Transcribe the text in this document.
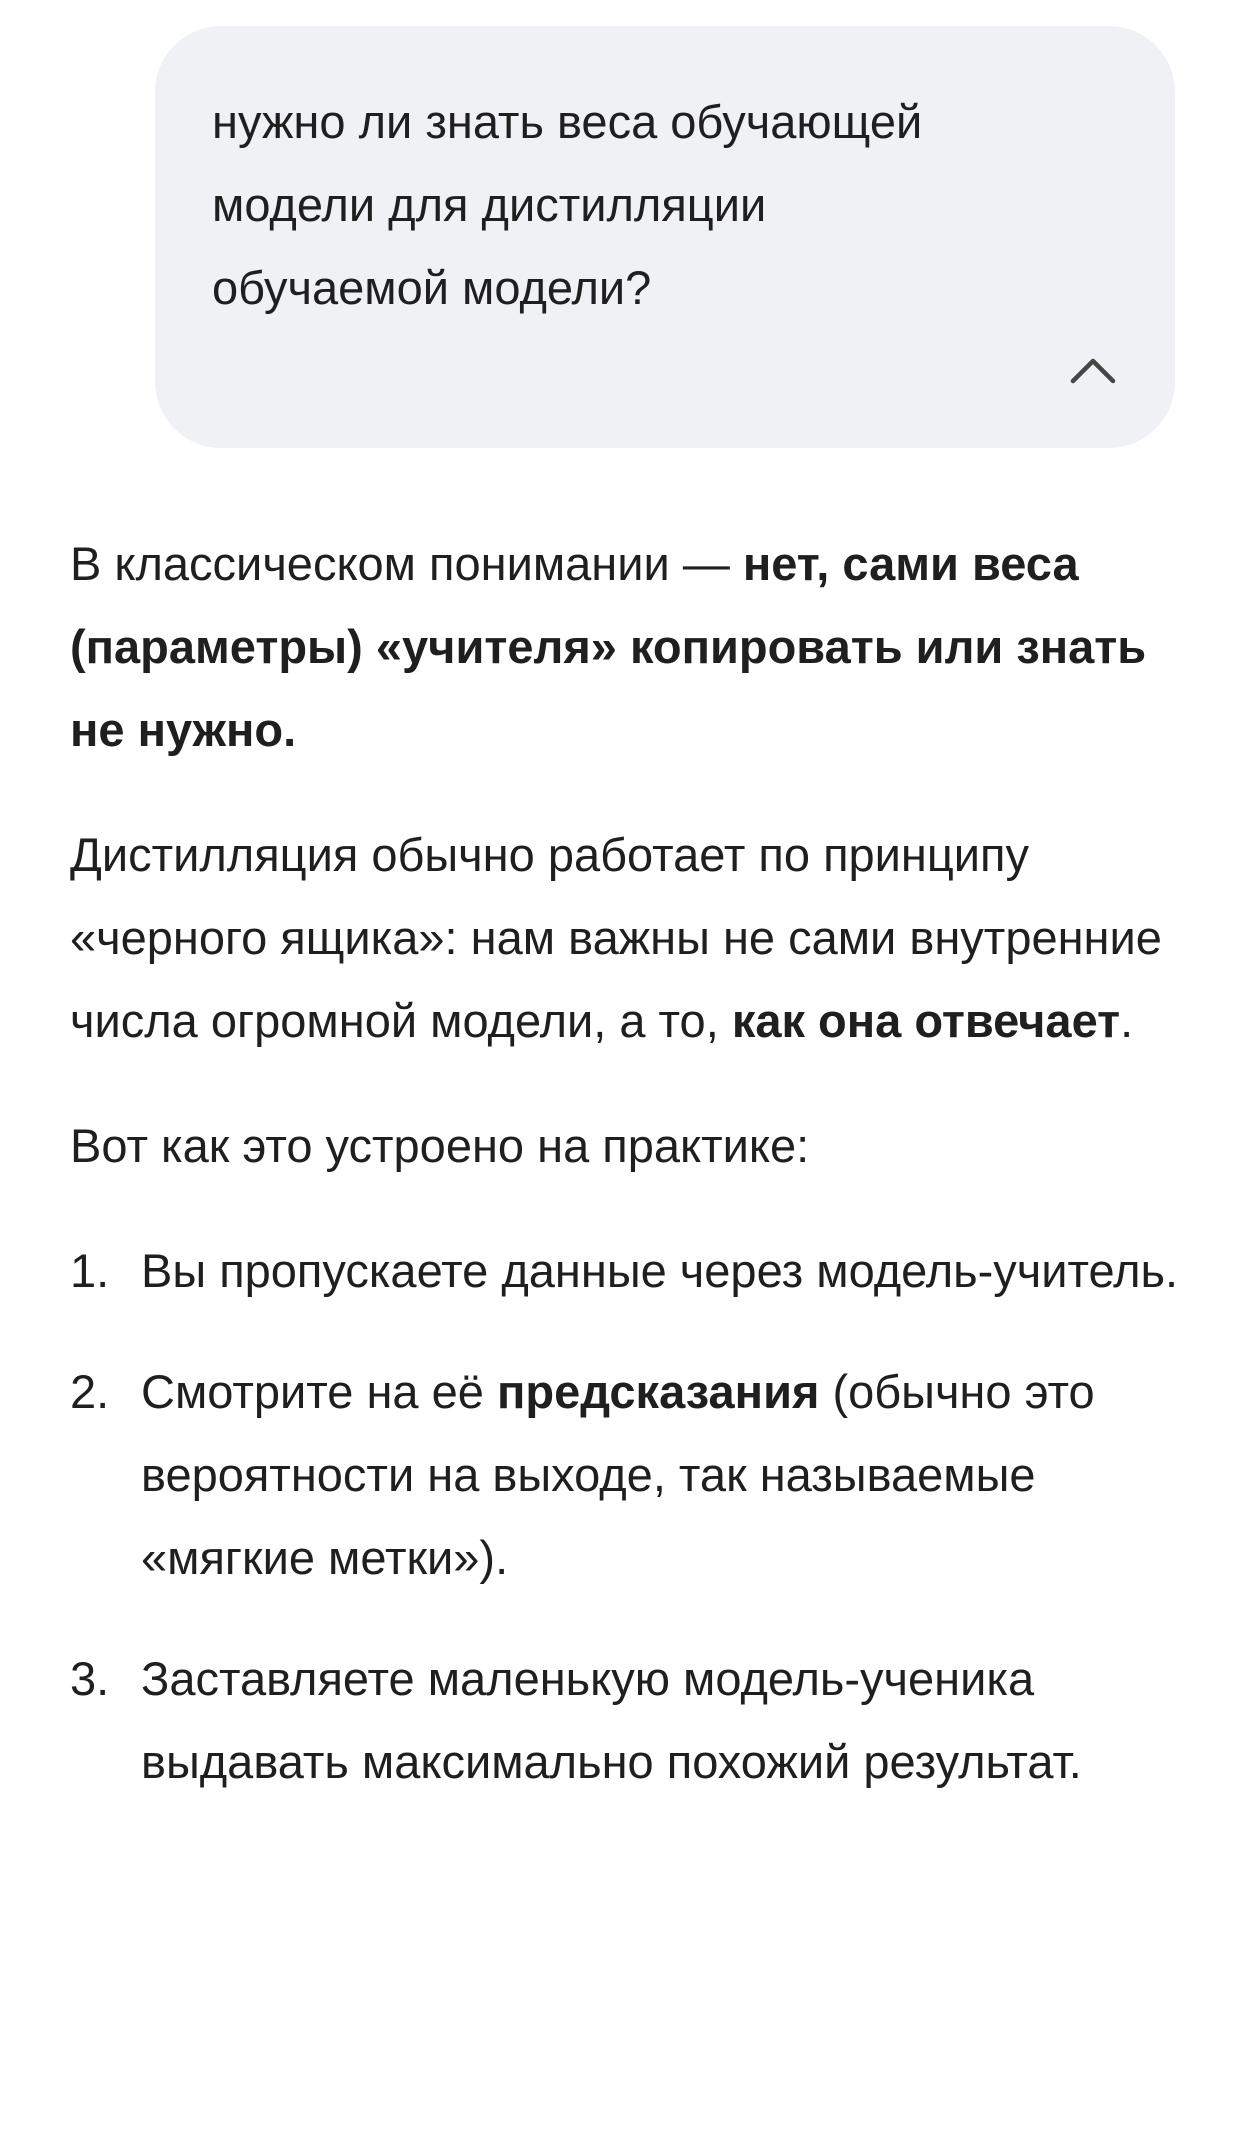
нужно ли знать веса обучающей модели для дистилляции обучаемой модели?

В классическом понимании — нет, сами веса (параметры) «учителя» копировать или знать не нужно.

Дистилляция обычно работает по принципу «черного ящика»: нам важны не сами внутренние числа огромной модели, а то, как она отвечает.

Вот как это устроено на практике:

1. Вы пропускаете данные через модель-учитель.
2. Смотрите на её предсказания (обычно это вероятности на выходе, так называемые «мягкие метки»).
3. Заставляете маленькую модель-ученика выдавать максимально похожий результат.
